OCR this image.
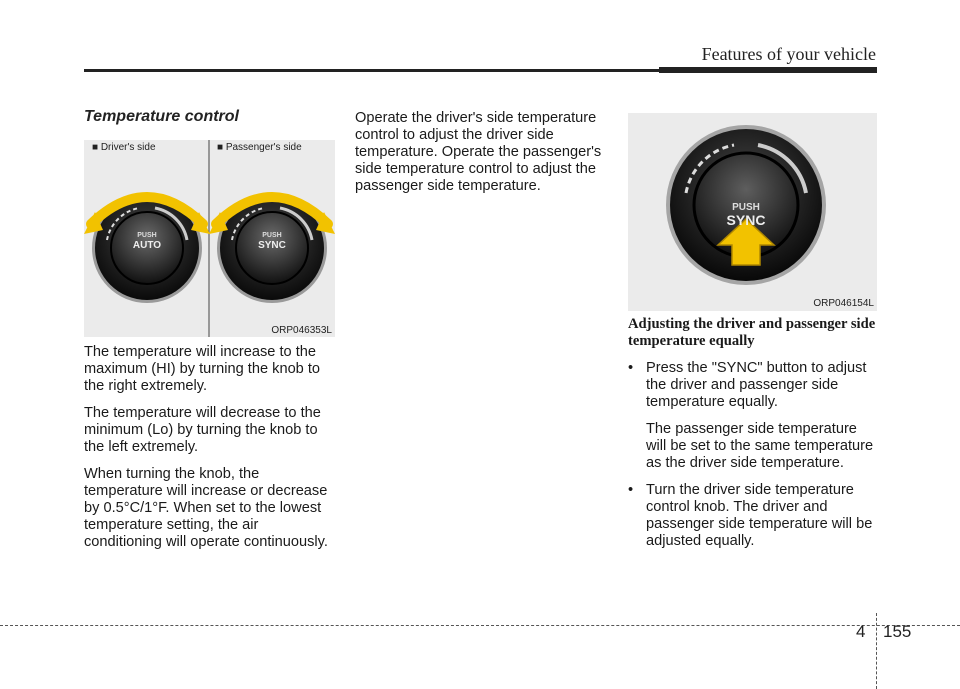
Features of your vehicle
Temperature control
■ Driver's side	■ Passenger's side
PUSH
AUTO
PUSH
SYNC
ORP046353L

The temperature will increase to the maximum (HI) by turning the knob to the right extremely.

The temperature will decrease to the minimum (Lo) by turning the knob to the left extremely.

When turning the knob, the temperature will increase or decrease by 0.5°C/1°F. When set to the lowest temperature setting, the air conditioning will operate continuously.

Operate the driver's side temperature control to adjust the driver side temperature. Operate the passenger's side temperature control to adjust the passenger side temperature.

PUSH
SYNC
ORP046154L
Adjusting the driver and passenger side temperature equally
• Press the "SYNC" button to adjust the driver and passenger side temperature equally.
The passenger side temperature will be set to the same temperature as the driver side temperature.
• Turn the driver side temperature control knob. The driver and passenger side temperature will be adjusted equally.
4 155
